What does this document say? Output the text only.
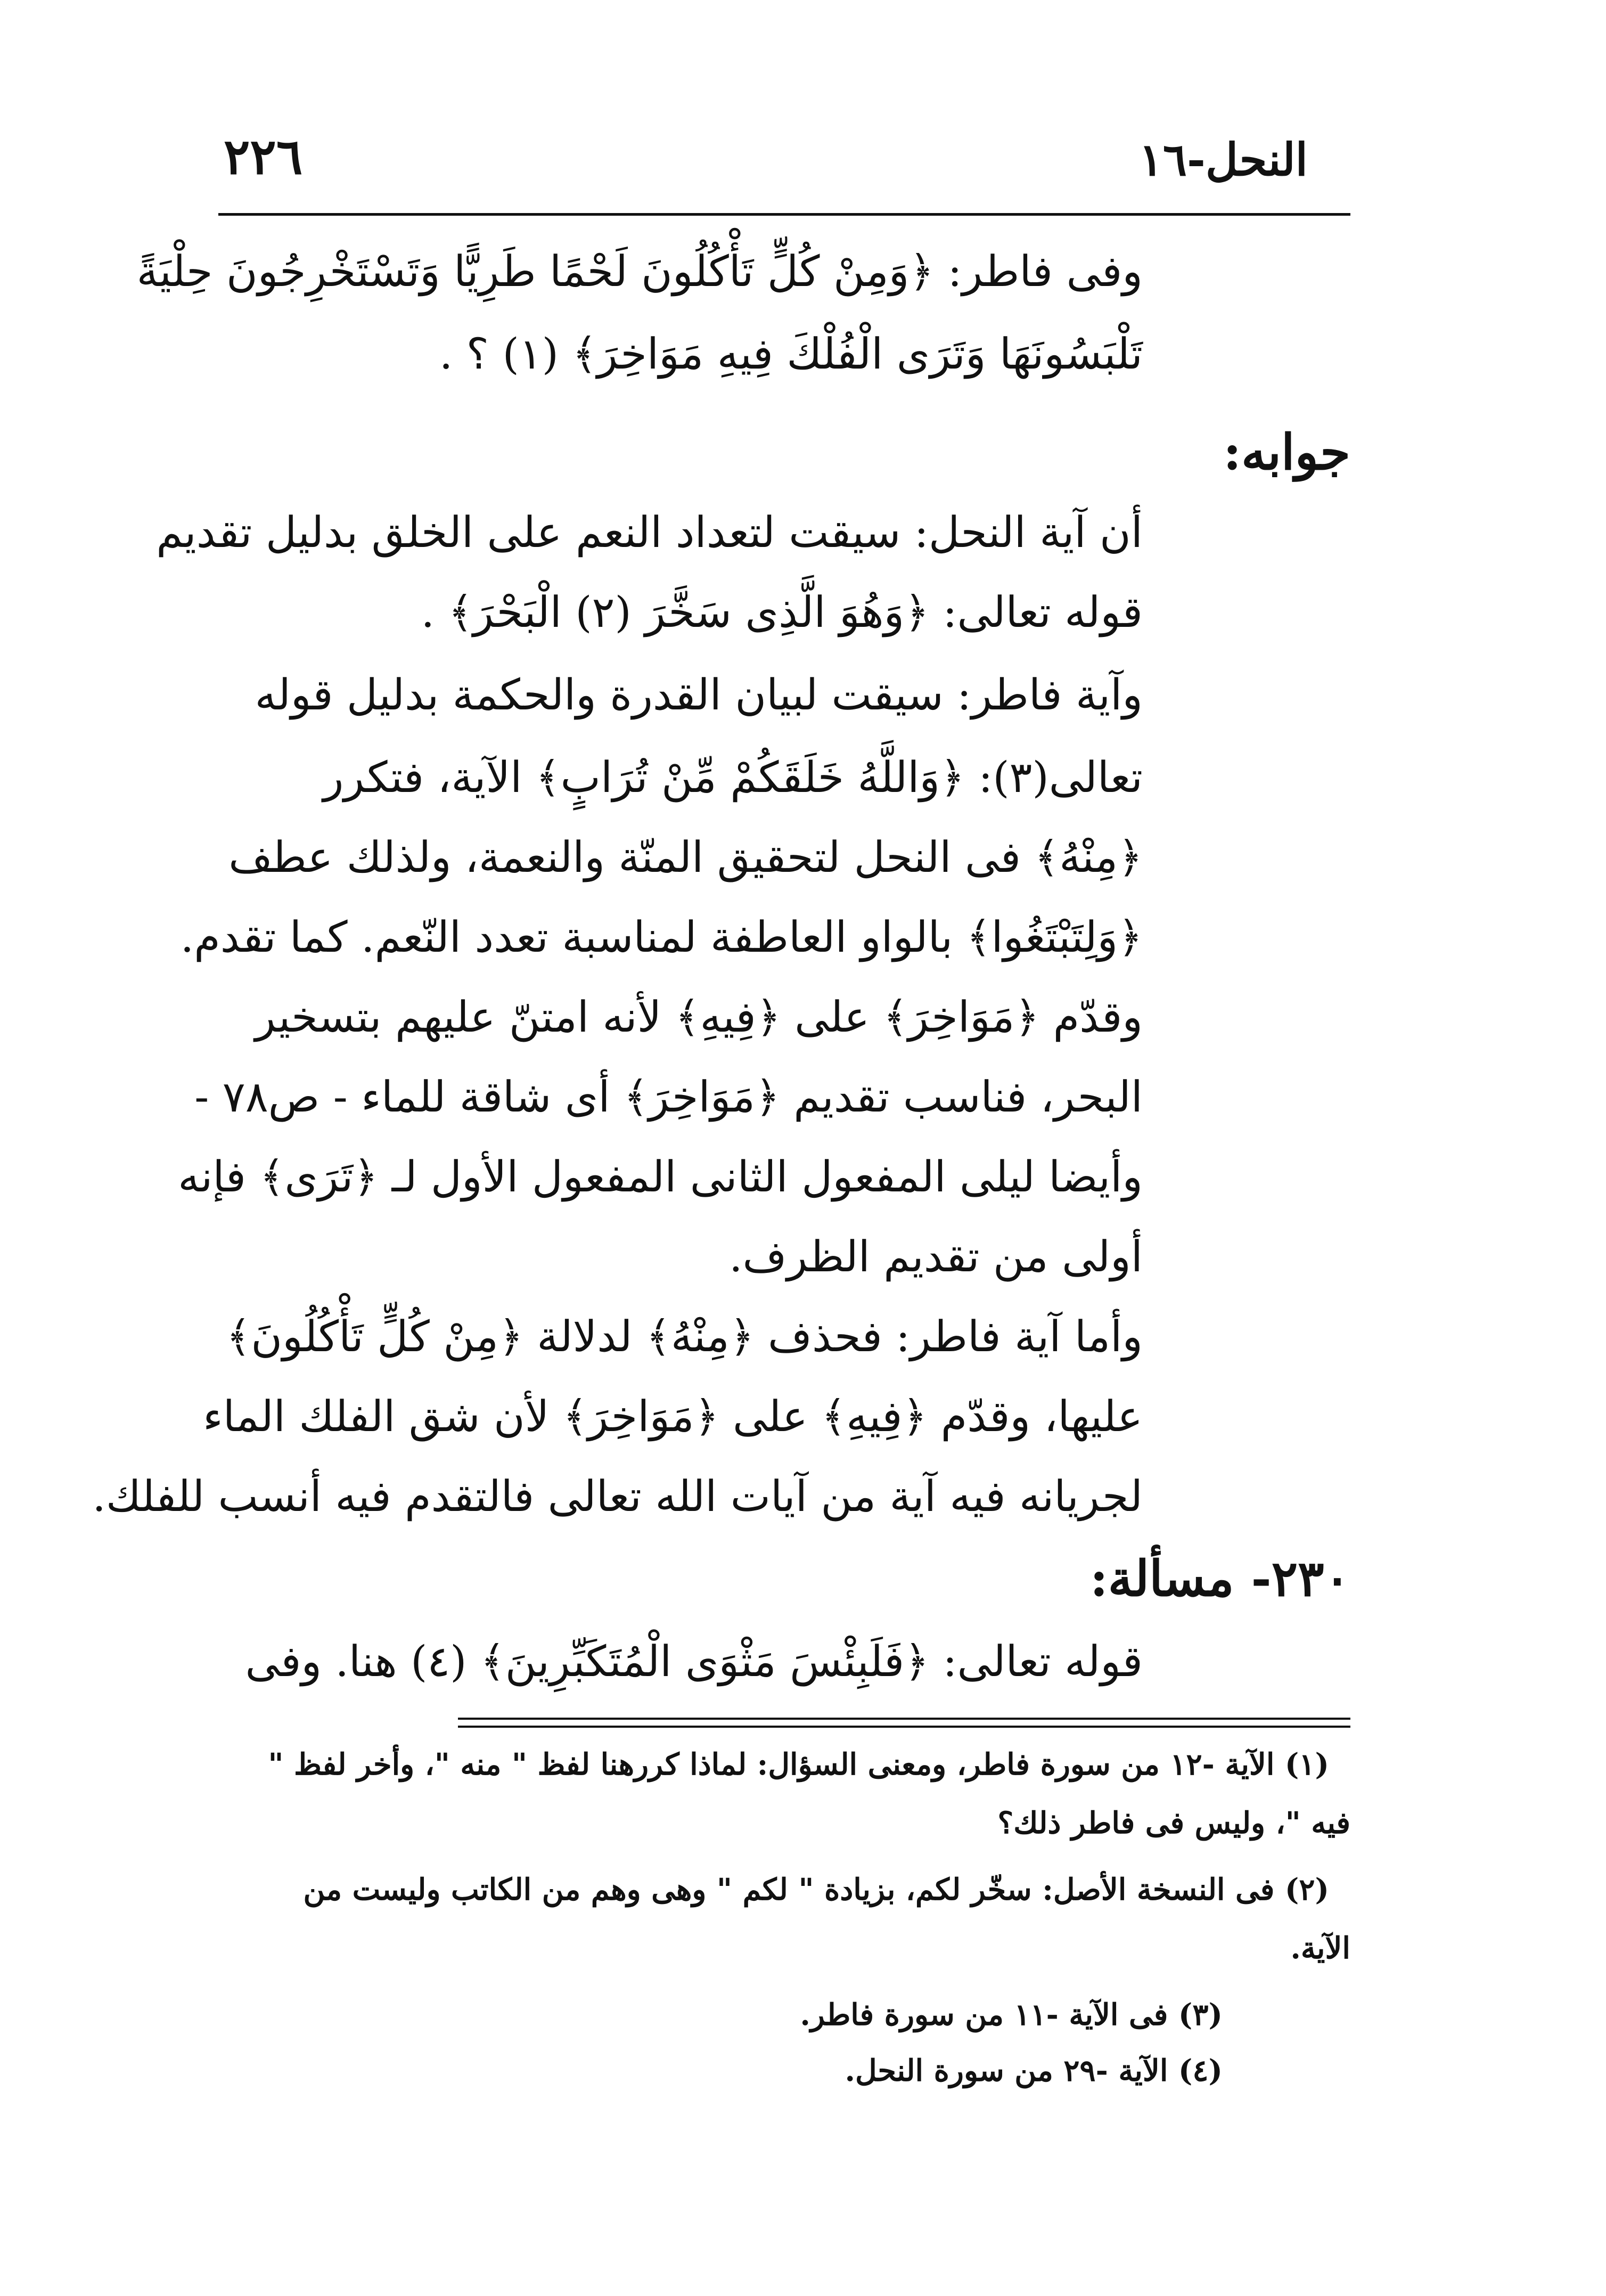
النحل-١٦
٢٢٦
وفى فاطر: ﴿وَمِنْ كُلٍّ تَأْكُلُونَ لَحْمًا طَرِيًّا وَتَسْتَخْرِجُونَ حِلْيَةً
تَلْبَسُونَهَا وَتَرَى الْفُلْكَ فِيهِ مَوَاخِرَ﴾ (١) ؟ .
جوابه:
أن آية النحل: سيقت لتعداد النعم على الخلق بدليل تقديم
قوله تعالى: ﴿وَهُوَ الَّذِى سَخَّرَ (٢) الْبَحْرَ﴾ .
وآية فاطر: سيقت لبيان القدرة والحكمة بدليل قوله
تعالى(٣): ﴿وَاللَّهُ خَلَقَكُمْ مِّنْ تُرَابٍ﴾ الآية، فتكرر
﴿مِنْهُ﴾ فى النحل لتحقيق المنّة والنعمة، ولذلك عطف
﴿وَلِتَبْتَغُوا﴾ بالواو العاطفة لمناسبة تعدد النّعم. كما تقدم.
وقدّم ﴿مَوَاخِرَ﴾ على ﴿فِيهِ﴾ لأنه امتنّ عليهم بتسخير
البحر، فناسب تقديم ﴿مَوَاخِرَ﴾ أى شاقة للماء - ص٧٨ -
وأيضا ليلى المفعول الثانى المفعول الأول لـ ﴿تَرَى﴾ فإنه
أولى من تقديم الظرف.
وأما آية فاطر: فحذف ﴿مِنْهُ﴾ لدلالة ﴿مِنْ كُلٍّ تَأْكُلُونَ﴾
عليها، وقدّم ﴿فِيهِ﴾ على ﴿مَوَاخِرَ﴾ لأن شق الفلك الماء
لجريانه فيه آية من آيات الله تعالى فالتقدم فيه أنسب للفلك.
٢٣٠- مسألة:
قوله تعالى: ﴿فَلَبِئْسَ مَثْوَى الْمُتَكَبِّرِينَ﴾ (٤) هنا. وفى
(١) الآية -١٢ من سورة فاطر، ومعنى السؤال: لماذا كررهنا لفظ " منه "، وأخر لفظ "
فيه "، وليس فى فاطر ذلك؟
(٢) فى النسخة الأصل: سخّر لكم، بزيادة " لكم " وهى وهم من الكاتب وليست من
الآية.
(٣) فى الآية -١١ من سورة فاطر.
(٤) الآية -٢٩ من سورة النحل.
